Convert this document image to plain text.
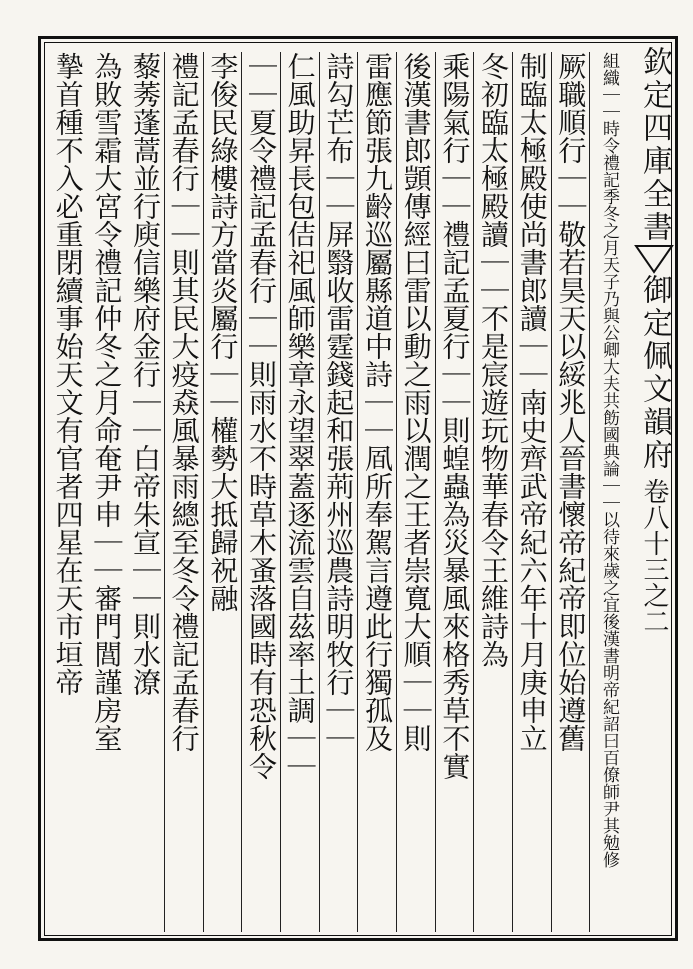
欽定四庫全書
御定佩文韻府
卷八十三之二
組織｜｜時令禮記季冬之月天子乃與公卿大夫共飭國典論｜｜以待來歲之宜後漢書明帝紀詔曰百僚師尹其勉修
厥職順行｜｜敬若昊天以綏兆人晉書懷帝紀帝即位始遵舊
制臨太極殿使尚書郎讀｜｜南史齊武帝紀六年十月庚申立
冬初臨太極殿讀｜｜不是宸遊玩物華春令王維詩為
乘陽氣行｜｜禮記孟夏行｜｜則蝗蟲為災暴風來格秀草不實
後漢書郎顗傳經曰雷以動之雨以潤之王者崇寬大順｜｜則
雷應節張九齡巡屬縣道中詩｜｜凮所奉駕言遵此行獨孤及
詩勾芒布｜｜屏翳收雷霆錢起和張荊州巡農詩明牧行｜｜
仁風助昇長包佶祀風師樂章永望翠蓋逐流雲自茲率土調｜｜
｜｜夏令禮記孟春行｜｜則雨水不時草木蚤落國時有恐秋令
李俊民綠樓詩方當炎屬行｜｜權勢大抵歸祝融
禮記孟春行｜｜則其民大疫猋風暴雨總至冬令禮記孟春行
藜莠蓬蒿並行庾信樂府金行｜｜白帝朱宣｜｜則水潦
為敗雪霜大宮令禮記仲冬之月命奄尹申｜｜審門閭謹房室
摯首種不入必重閉續事始天文有官者四星在天市垣帝
